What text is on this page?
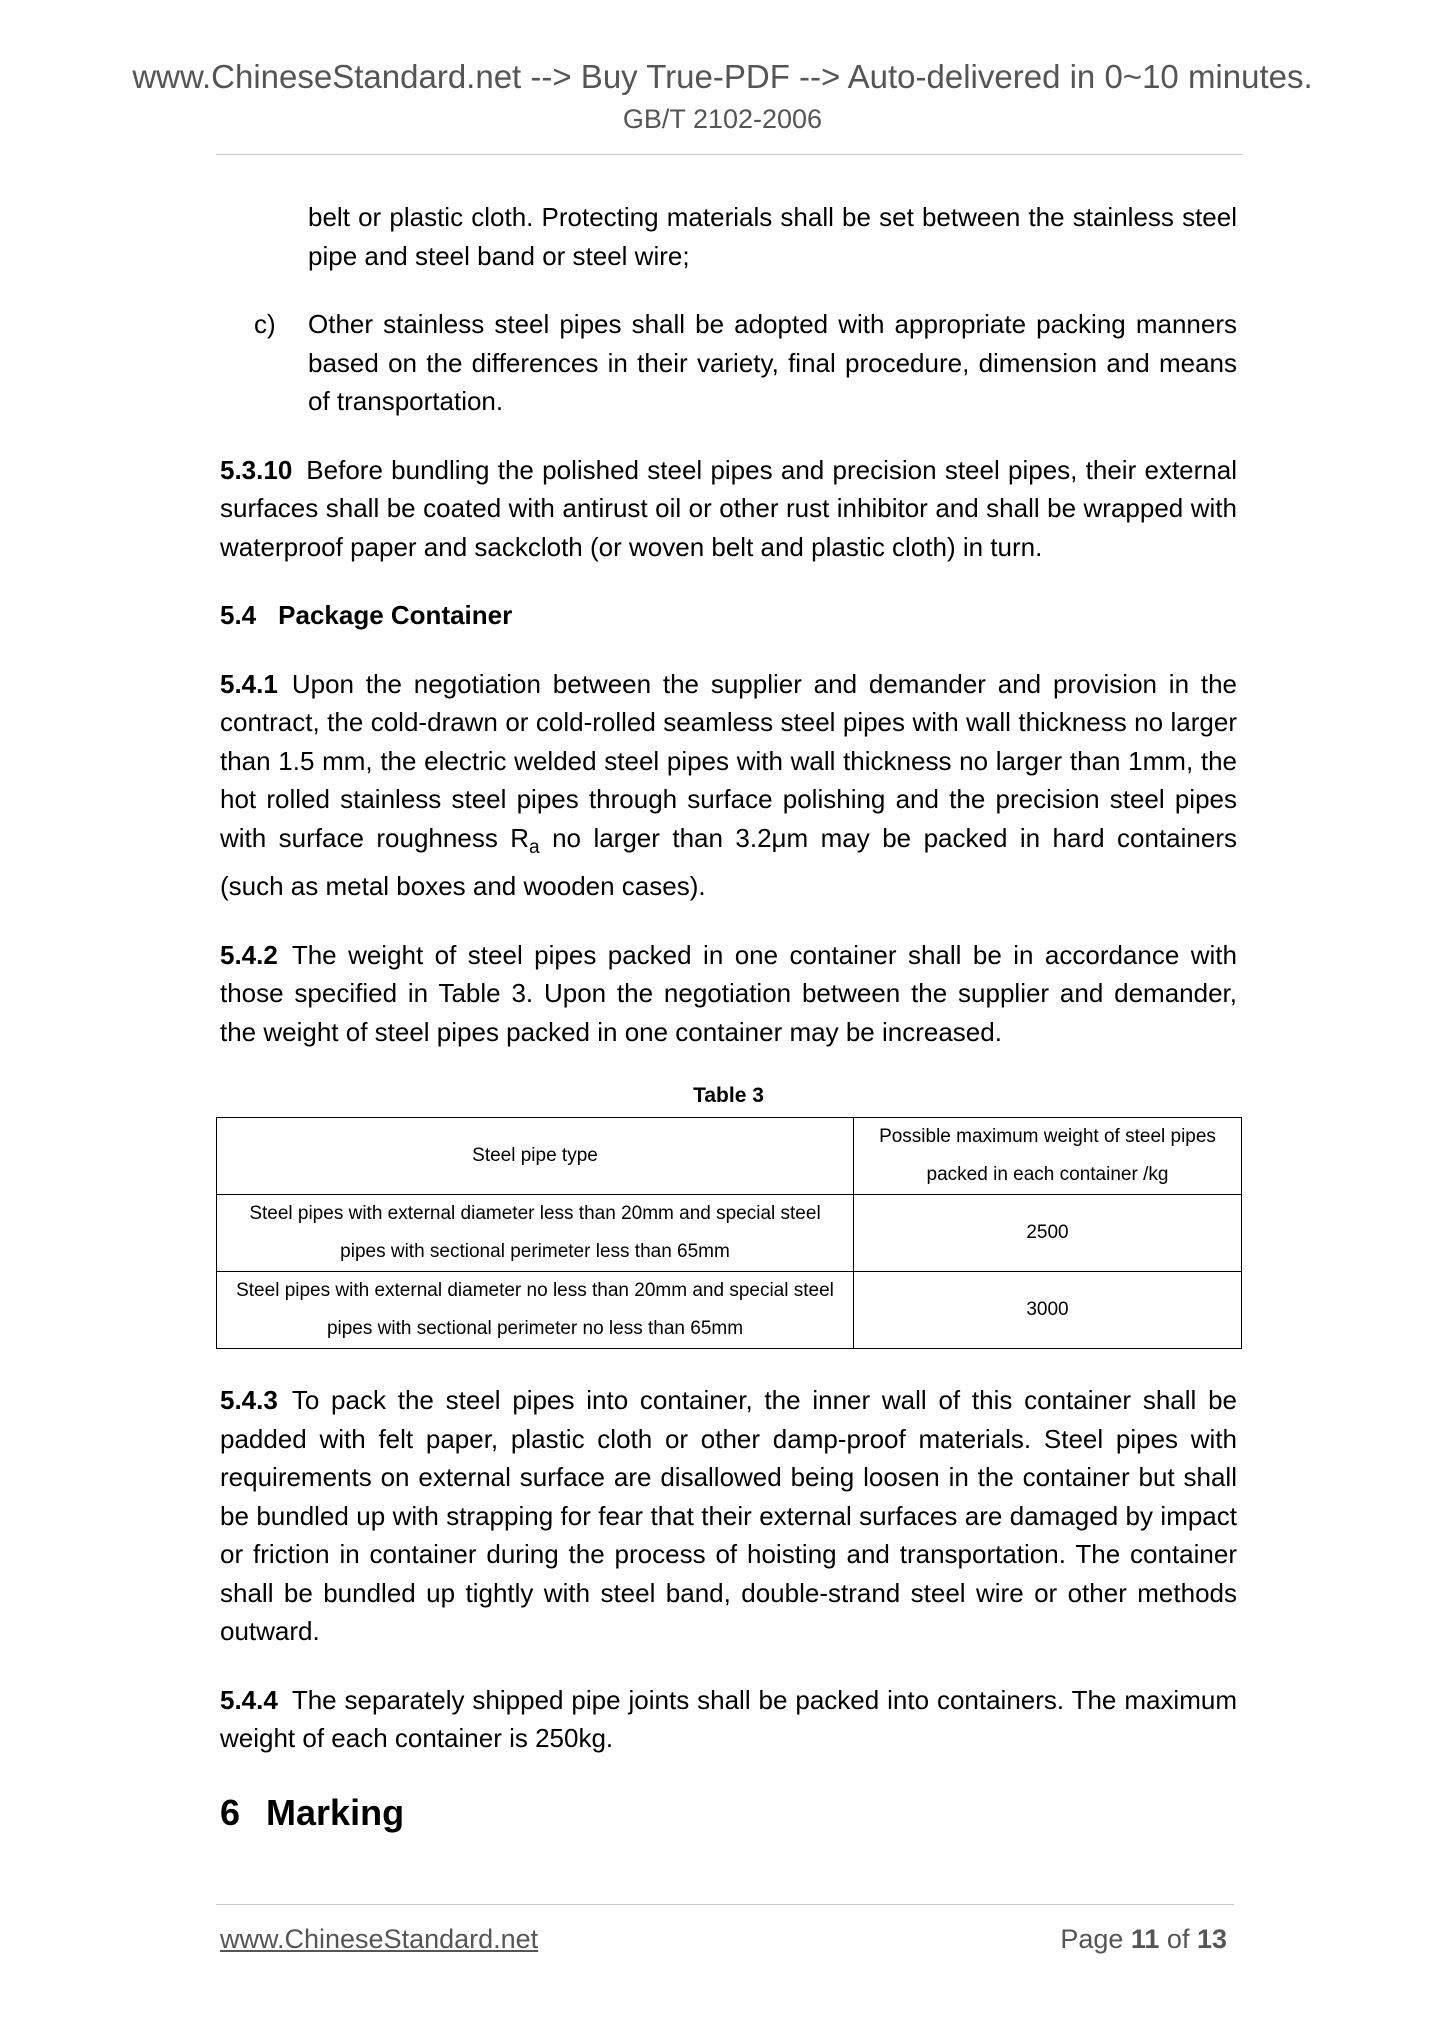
www.ChineseStandard.net --> Buy True-PDF --> Auto-delivered in 0~10 minutes.
GB/T 2102-2006

belt or plastic cloth. Protecting materials shall be set between the stainless steel pipe and steel band or steel wire;

c) Other stainless steel pipes shall be adopted with appropriate packing manners based on the differences in their variety, final procedure, dimension and means of transportation.

5.3.10 Before bundling the polished steel pipes and precision steel pipes, their external surfaces shall be coated with antirust oil or other rust inhibitor and shall be wrapped with waterproof paper and sackcloth (or woven belt and plastic cloth) in turn.

5.4 Package Container

5.4.1 Upon the negotiation between the supplier and demander and provision in the contract, the cold-drawn or cold-rolled seamless steel pipes with wall thickness no larger than 1.5 mm, the electric welded steel pipes with wall thickness no larger than 1mm, the hot rolled stainless steel pipes through surface polishing and the precision steel pipes with surface roughness $R_a$ no larger than 3.2μm may be packed in hard containers (such as metal boxes and wooden cases).

5.4.2 The weight of steel pipes packed in one container shall be in accordance with those specified in Table 3. Upon the negotiation between the supplier and demander, the weight of steel pipes packed in one container may be increased.

Table 3
Steel pipe type	Possible maximum weight of steel pipes packed in each container /kg
Steel pipes with external diameter less than 20mm and special steel pipes with sectional perimeter less than 65mm	2500
Steel pipes with external diameter no less than 20mm and special steel pipes with sectional perimeter no less than 65mm	3000

5.4.3 To pack the steel pipes into container, the inner wall of this container shall be padded with felt paper, plastic cloth or other damp-proof materials. Steel pipes with requirements on external surface are disallowed being loosen in the container but shall be bundled up with strapping for fear that their external surfaces are damaged by impact or friction in container during the process of hoisting and transportation. The container shall be bundled up tightly with steel band, double-strand steel wire or other methods outward.

5.4.4 The separately shipped pipe joints shall be packed into containers. The maximum weight of each container is 250kg.

6 Marking
www.ChineseStandard.net	Page 11 of 13
